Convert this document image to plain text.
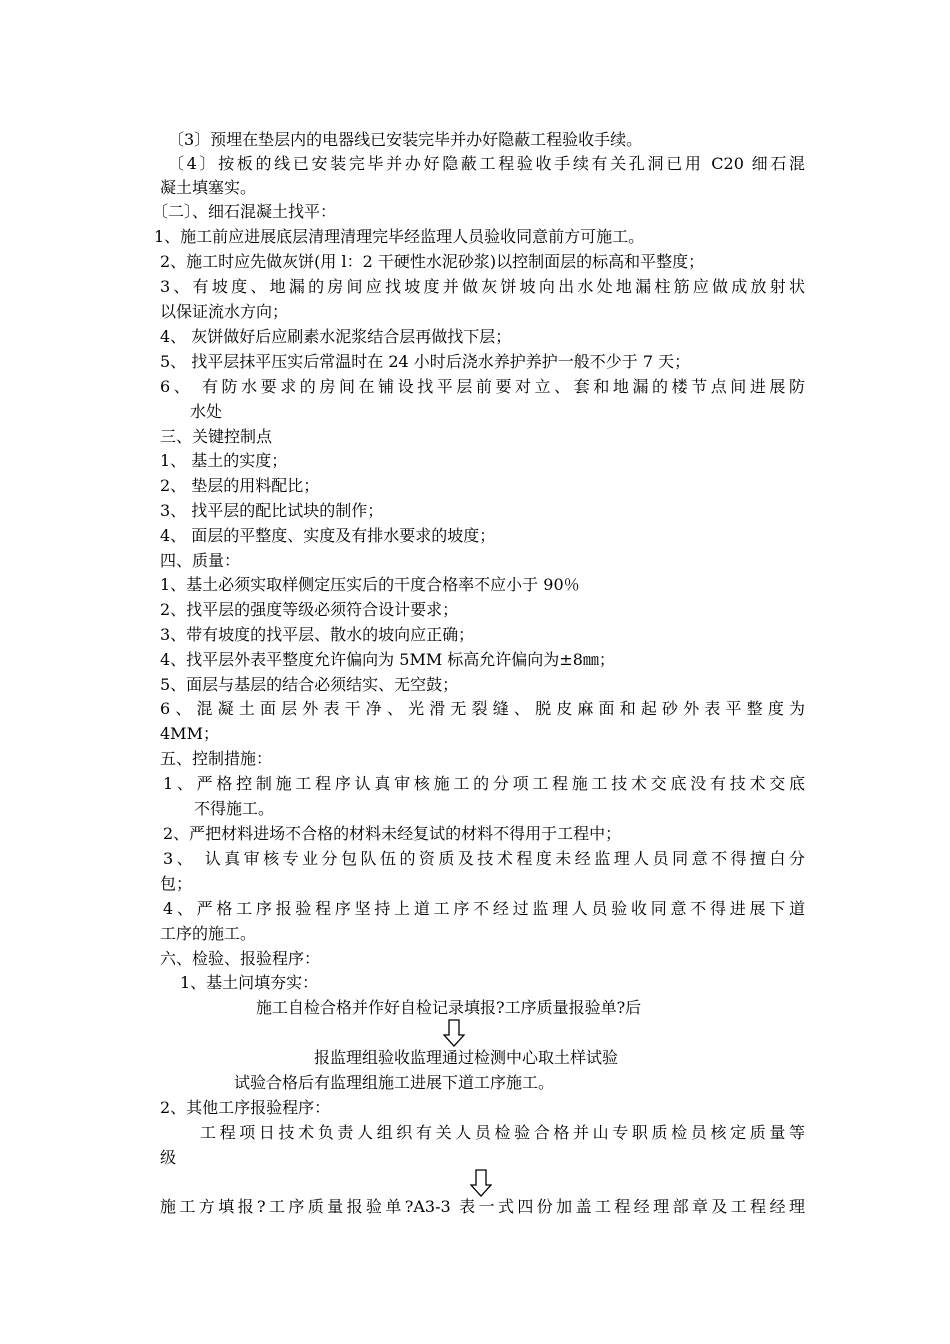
〔3〕预埋在垫层内的电器线已安装完毕并办好隐蔽工程验收手续。
〔4〕按板的线已安装完毕并办好隐蔽工程验收手续有关孔洞已用 C20 细石混
凝土填塞实。
〔二〕、细石混凝土找平：
1、施工前应进展底层清理清理完毕经监理人员验收同意前方可施工。
2、施工时应先做灰饼(用 l：2 干硬性水泥砂浆)以控制面层的标高和平整度；
3、有坡度、地漏的房间应找坡度并做灰饼坡向出水处地漏柱筋应做成放射状
以保证流水方向；
4、 灰饼做好后应刷素水泥浆结合层再做找下层；
5、 找平层抹平压实后常温时在 24 小时后浇水养护养护一般不少于 7 天；
6、 有防水要求的房间在铺设找平层前要对立、套和地漏的楼节点间进展防
水处
三、关键控制点
1、 基土的实度；
2、 垫层的用料配比；
3、 找平层的配比试块的制作；
4、 面层的平整度、实度及有排水要求的坡度；
四、质量：
1、基土必须实取样侧定压实后的干度合格率不应小于 90％
2、找平层的强度等级必须符合设计要求；
3、带有坡度的找平层、散水的坡向应正确；
4、找平层外表平整度允许偏向为 5MM 标高允许偏向为±8㎜；
5、面层与基层的结合必须结实、无空鼓；
6、混凝土面层外表干净、光滑无裂缝、脱皮麻面和起砂外表平整度为
4MM；
五、控制措施：
1、严格控制施工程序认真审核施工的分项工程施工技术交底没有技术交底
不得施工。
2、严把材料进场不合格的材料未经复试的材料不得用于工程中；
3、 认真审核专业分包队伍的资质及技术程度未经监理人员同意不得擅白分
包；
4、严格工序报验程序坚持上道工序不经过监理人员验收同意不得进展下道
工序的施工。
六、检验、报验程序：
1、基土问填夯实：
施工自检合格并作好自检记录填报?工序质量报验单?后
报监理组验收监理通过检测中心取土样试验
试验合格后有监理组施工进展下道工序施工。
2、其他工序报验程序：
工程项日技术负责人组织有关人员检验合格并山专职质检员核定质量等
级
施工方填报?工序质量报验单?A3-3 表一式四份加盖工程经理部章及工程经理
